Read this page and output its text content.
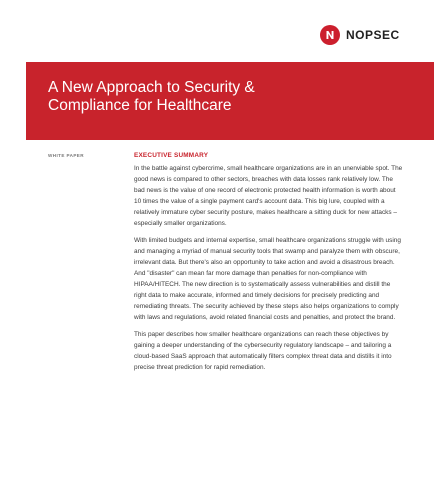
NOPSEC
A New Approach to Security &
Compliance for Healthcare
WHITE PAPER	EXECUTIVE SUMMARY

In the battle against cybercrime, small healthcare organizations are in an unenviable spot. The good news is compared to other sectors, breaches with data losses rank relatively low. The bad news is the value of one record of electronic protected health information is worth about 10 times the value of a single payment card's account data. This big lure, coupled with a relatively immature cyber security posture, makes healthcare a sitting duck for new attacks – especially smaller organizations.

With limited budgets and internal expertise, small healthcare organizations struggle with using and managing a myriad of manual security tools that swamp and paralyze them with obscure, irrelevant data. But there's also an opportunity to take action and avoid a disastrous breach. And "disaster" can mean far more damage than penalties for non-compliance with HIPAA/HITECH. The new direction is to systematically assess vulnerabilities and distill the right data to make accurate, informed and timely decisions for precisely predicting and remediating threats. The security achieved by these steps also helps organizations to comply with laws and regulations, avoid related financial costs and penalties, and protect the brand.

This paper describes how smaller healthcare organizations can reach these objectives by gaining a deeper understanding of the cybersecurity regulatory landscape – and tailoring a cloud-based SaaS approach that automatically filters complex threat data and distills it into precise threat prediction for rapid remediation.
